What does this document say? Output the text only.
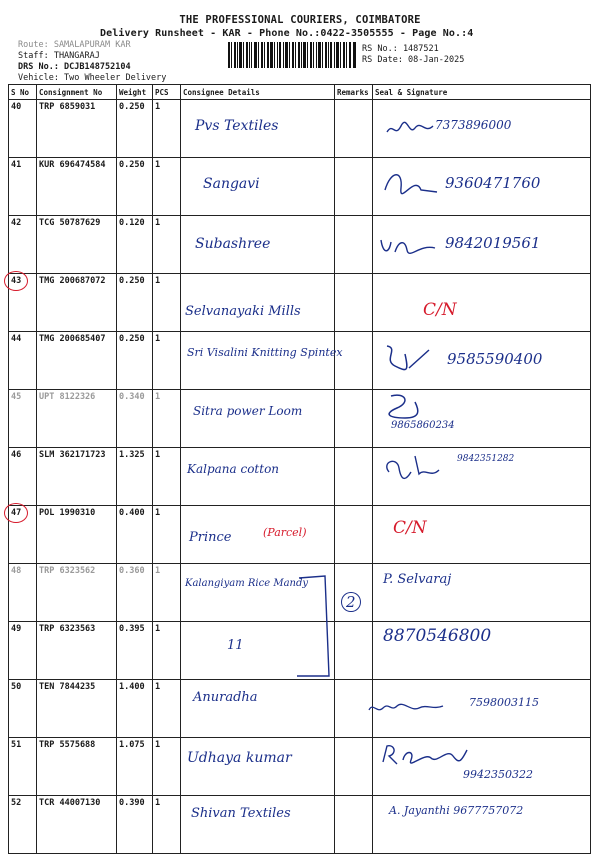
THE PROFESSIONAL COURIERS, COIMBATORE
Delivery Runsheet - KAR - Phone No.:0422-3505555 - Page No.:4
Route: SAMALAPURAM KAR
Staff: THANGARAJ
DRS No.: DCJB148752104
Vehicle: Two Wheeler Delivery
RS No.: 1487521
RS Date: 08-Jan-2025
S No	Consignment No	Weight	PCS	Consignee Details	Remarks	Seal & Signature
40	TRP 6859031	0.250	1	Pvs Textiles		7373896000

41	KUR 696474584	0.250	1	Sangavi		9360471760

42	TCG 50787629	0.120	1	Subashree		9842019561

43	TMG 200687072	0.250	1	Selvanayaki Mills		C/N

44	TMG 200685407	0.250	1	Sri Visalini Knitting Spintex		9585590400

45	UPT 8122326	0.340	1	Sitra power Loom		9865860234

46	SLM 362171723	1.325	1	Kalpana cotton		9842351282

47	POL 1990310	0.400	1	Prince (Parcel)		C/N

48	TRP 6323562	0.360	1	Kalangiyam Rice Mandy	2	P. Selvaraj

49	TRP 6323563	0.395	1	11		8870546800

50	TEN 7844235	1.400	1	Anuradha		7598003115

51	TRP 5575688	1.075	1	Udhaya kumar		9942350322

52	TCR 44007130	0.390	1	Shivan Textiles		A. Jayanthi 9677757072
